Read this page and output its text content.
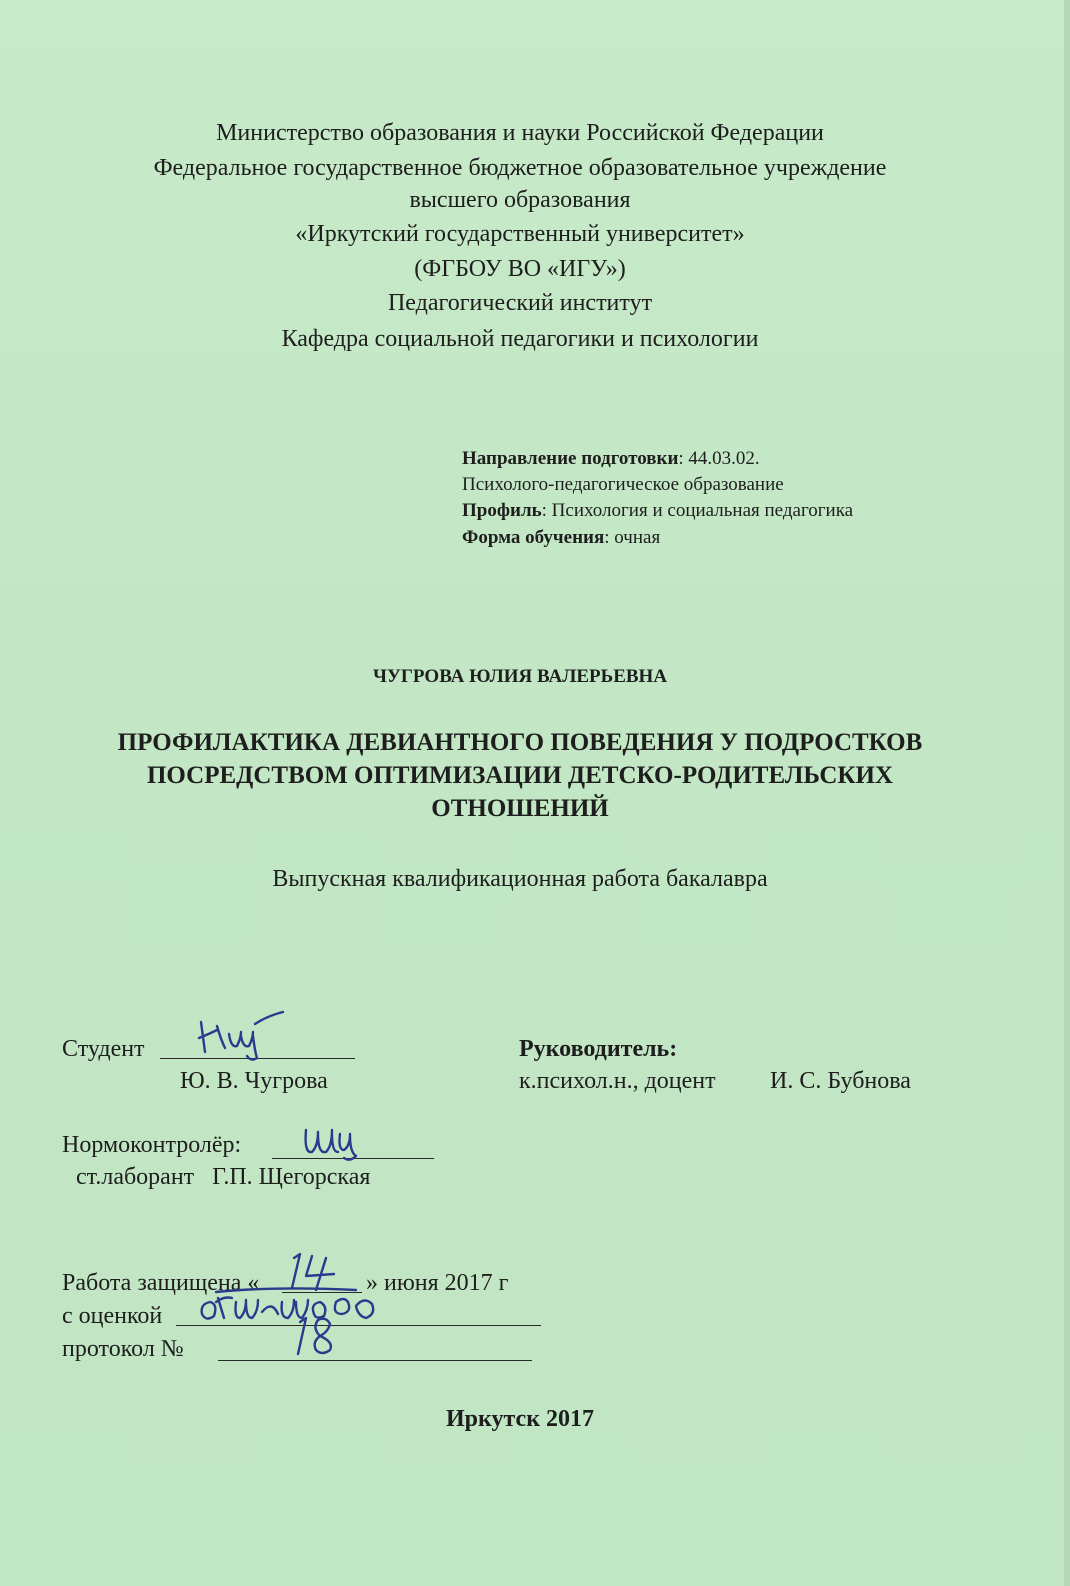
Министерство образования и науки Российской Федерации
Федеральное государственное бюджетное образовательное учреждение
высшего образования
«Иркутский государственный университет»
(ФГБОУ ВО «ИГУ»)
Педагогический институт
Кафедра социальной педагогики и психологии
Направление подготовки: 44.03.02.
Психолого-педагогическое образование
Профиль: Психология и социальная педагогика
Форма обучения: очная
ЧУГРОВА ЮЛИЯ ВАЛЕРЬЕВНА
ПРОФИЛАКТИКА ДЕВИАНТНОГО ПОВЕДЕНИЯ У ПОДРОСТКОВ
ПОСРЕДСТВОМ ОПТИМИЗАЦИИ ДЕТСКО-РОДИТЕЛЬСКИХ
ОТНОШЕНИЙ
Выпускная квалификационная работа бакалавра
Студент
Ю. В. Чугрова
Руководитель:
к.психол.н., доцент И. С. Бубнова
Нормоконтролёр:
ст.лаборант Г.П. Щегорская
Работа защищена «	» июня 2017 г
с оценкой
протокол №
Иркутск 2017
